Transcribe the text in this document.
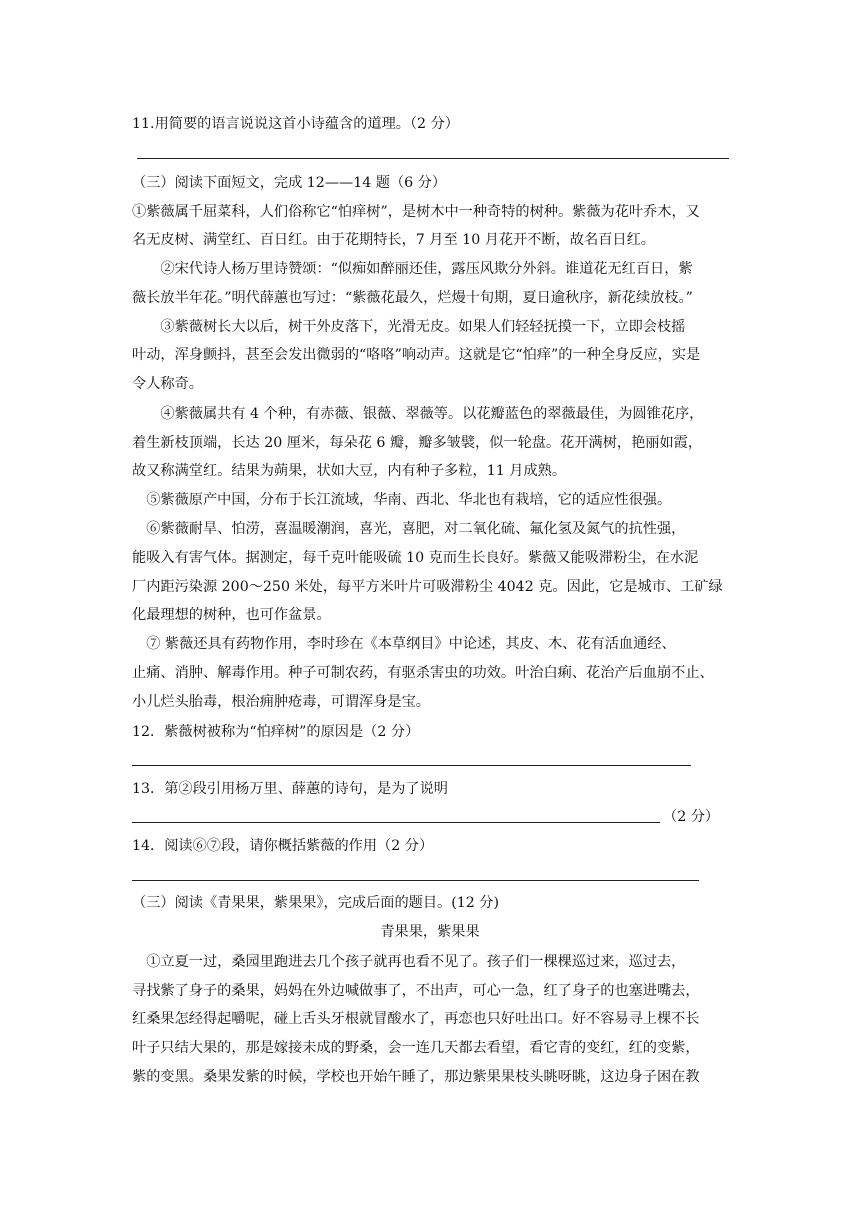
11.用简要的语言说说这首小诗蕴含的道理。（2 分）
（三）阅读下面短文，完成 12——14 题（6 分）
①紫薇属千屈菜科，人们俗称它“怕痒树”，是树木中一种奇特的树种。紫薇为花叶乔木，又
名无皮树、满堂红、百日红。由于花期特长，7 月至 10 月花开不断，故名百日红。
　　②宋代诗人杨万里诗赞颂：“似痴如醉丽还佳，露压风欺分外斜。谁道花无红百日，紫
薇长放半年花。”明代薛蕙也写过：“紫薇花最久，烂熳十旬期，夏日逾秋序，新花续放枝。”
　　③紫薇树长大以后，树干外皮落下，光滑无皮。如果人们轻轻抚摸一下，立即会枝摇
叶动，浑身颤抖，甚至会发出微弱的“咯咯”响动声。这就是它“怕痒”的一种全身反应，实是
令人称奇。
　　④紫薇属共有 4 个种，有赤薇、银薇、翠薇等。以花瓣蓝色的翠薇最佳，为圆锥花序，
着生新枝顶端，长达 20 厘米，每朵花 6 瓣，瓣多皱襞，似一轮盘。花开满树，艳丽如霞，
故又称满堂红。结果为蒴果，状如大豆，内有种子多粒，11 月成熟。
　⑤紫薇原产中国，分布于长江流域，华南、西北、华北也有栽培，它的适应性很强。
　⑥紫薇耐旱、怕涝，喜温暖潮润，喜光，喜肥，对二氧化硫、氟化氢及氮气的抗性强，
能吸入有害气体。据测定，每千克叶能吸硫 10 克而生长良好。紫薇又能吸滞粉尘，在水泥
厂内距污染源 200～250 米处，每平方米叶片可吸滞粉尘 4042 克。因此，它是城市、工矿绿
化最理想的树种，也可作盆景。
　⑦ 紫薇还具有药物作用，李时珍在《本草纲目》中论述，其皮、木、花有活血通经、
止痛、消肿、解毒作用。种子可制农药，有驱杀害虫的功效。叶治白痢、花治产后血崩不止、
小儿烂头胎毒，根治痈肿疮毒，可谓浑身是宝。
12．紫薇树被称为“怕痒树”的原因是（2 分）
13．第②段引用杨万里、薛蕙的诗句，是为了说明
（2 分）
14．阅读⑥⑦段，请你概括紫薇的作用（2 分）
（三）阅读《青果果，紫果果》，完成后面的题目。(12 分)
青果果，紫果果
　①立夏一过，桑园里跑进去几个孩子就再也看不见了。孩子们一棵棵巡过来，巡过去，
寻找紫了身子的桑果，妈妈在外边喊做事了，不出声，可心一急，红了身子的也塞进嘴去，
红桑果怎经得起嚼呢，碰上舌头牙根就冒酸水了，再恋也只好吐出口。好不容易寻上棵不长
叶子只结大果的，那是嫁接未成的野桑，会一连几天都去看望，看它青的变红，红的变紫，
紫的变黑。桑果发紫的时候，学校也开始午睡了，那边紫果果枝头眺呀眺，这边身子困在教
